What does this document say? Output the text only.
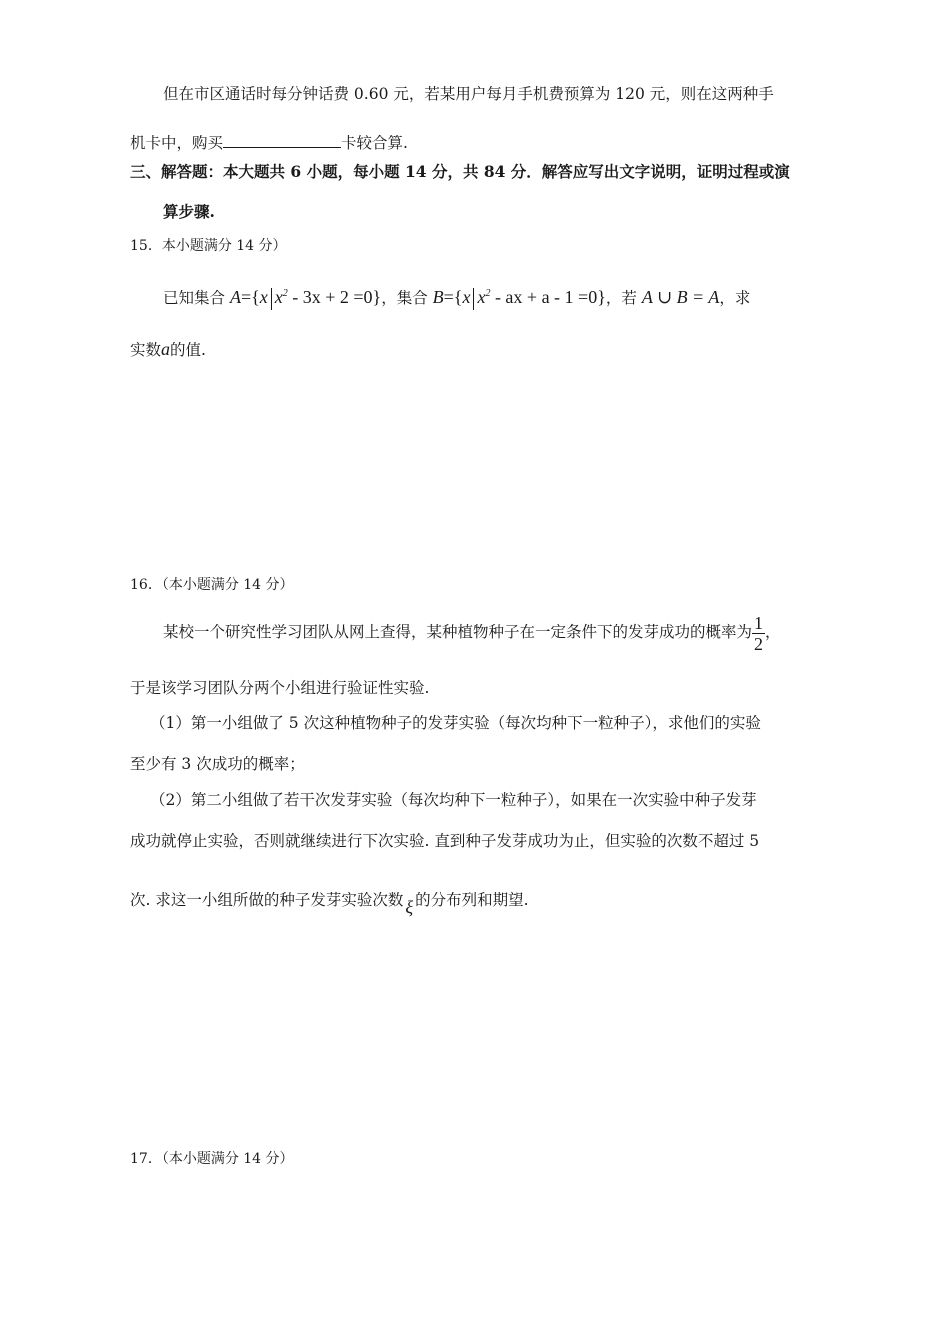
但在市区通话时每分钟话费 0.60 元，若某用户每月手机费预算为 120 元，则在这两种手
机卡中，购买	卡较合算.
三、解答题：本大题共 6 小题，每小题 14 分，共 84 分．解答应写出文字说明，证明过程或演
算步骤.
15．本小题满分 14 分）
已知集合 A={x $x^2 - 3x + 2 =0$}，集合 B={x $x^2$ - ax + a - 1 =0}，若 A ∪ B = A，求
实数a的值.
16．（本小题满分 14 分）
某校一个研究性学习团队从网上查得，某种植物种子在一定条件下的发芽成功的概率为 $\frac{1}{2}$ ，
于是该学习团队分两个小组进行验证性实验.
（1）第一小组做了 5 次这种植物种子的发芽实验（每次均种下一粒种子），求他们的实验
至少有 3 次成功的概率；
（2）第二小组做了若干次发芽实验（每次均种下一粒种子），如果在一次实验中种子发芽
成功就停止实验，否则就继续进行下次实验. 直到种子发芽成功为止，但实验的次数不超过 5
次. 求这一小组所做的种子发芽实验次数 ξ 的分布列和期望.
17．（本小题满分 14 分）
